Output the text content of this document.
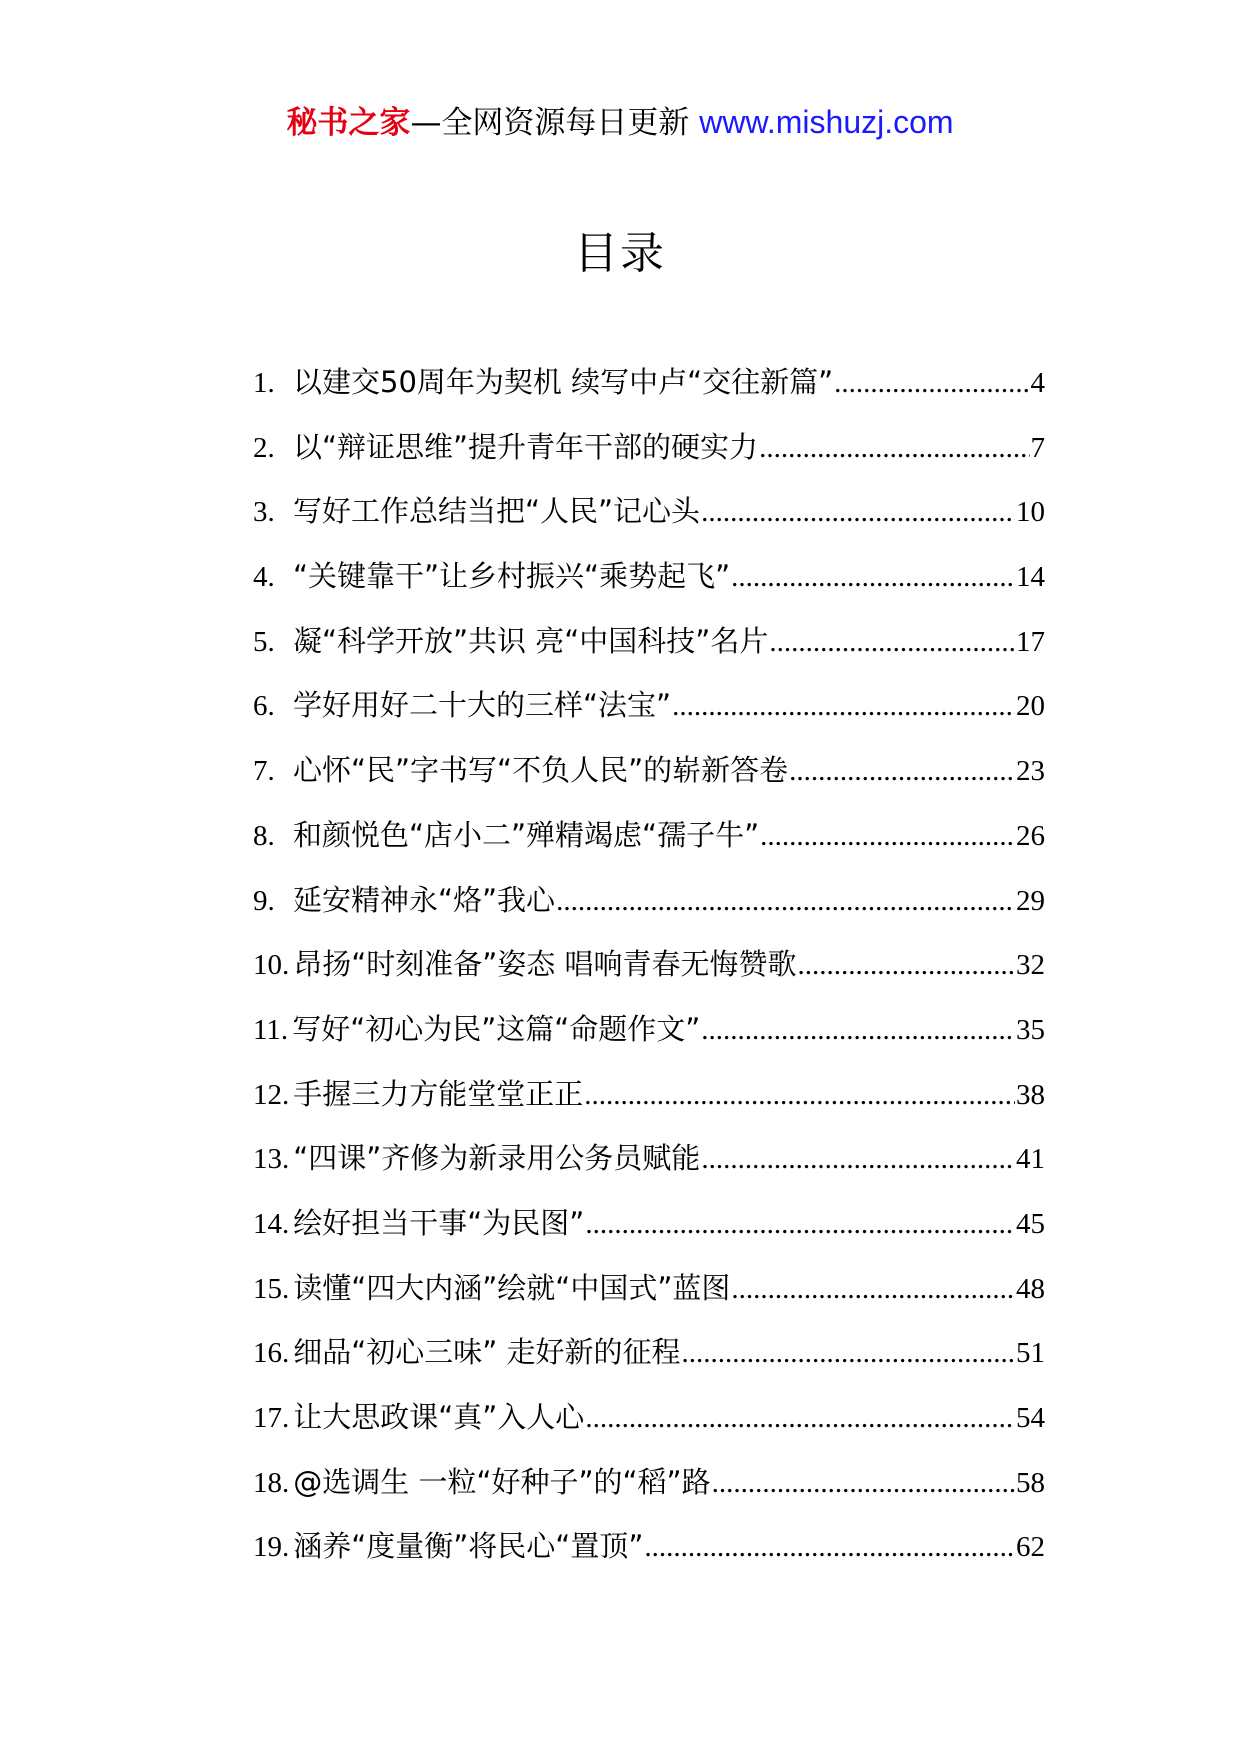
秘书之家—全网资源每日更新 www.mishuzj.com
目录
1. 以建交50周年为契机 续写中卢“交往新篇” .....	4
2. 以“辩证思维”提升青年干部的硬实力 .....	7
3. 写好工作总结当把“人民”记心头 .....	10
4. “关键靠干”让乡村振兴“乘势起飞” .....	14
5. 凝“科学开放”共识 亮“中国科技”名片 .....	17
6. 学好用好二十大的三样“法宝” .....	20
7. 心怀“民”字书写“不负人民”的崭新答卷 .....	23
8. 和颜悦色“店小二”殚精竭虑“孺子牛” .....	26
9. 延安精神永“烙”我心 .....	29
10. 昂扬“时刻准备”姿态 唱响青春无悔赞歌 .....	32
11. 写好“初心为民”这篇“命题作文” .....	35
12. 手握三力方能堂堂正正 .....	38
13. “四课”齐修为新录用公务员赋能 .....	41
14. 绘好担当干事“为民图” .....	45
15. 读懂“四大内涵”绘就“中国式”蓝图 .....	48
16. 细品“初心三味” 走好新的征程 .....	51
17. 让大思政课“真”入人心 .....	54
18. @选调生 一粒“好种子”的“稻”路 .....	58
19. 涵养“度量衡”将民心“置顶” .....	62
